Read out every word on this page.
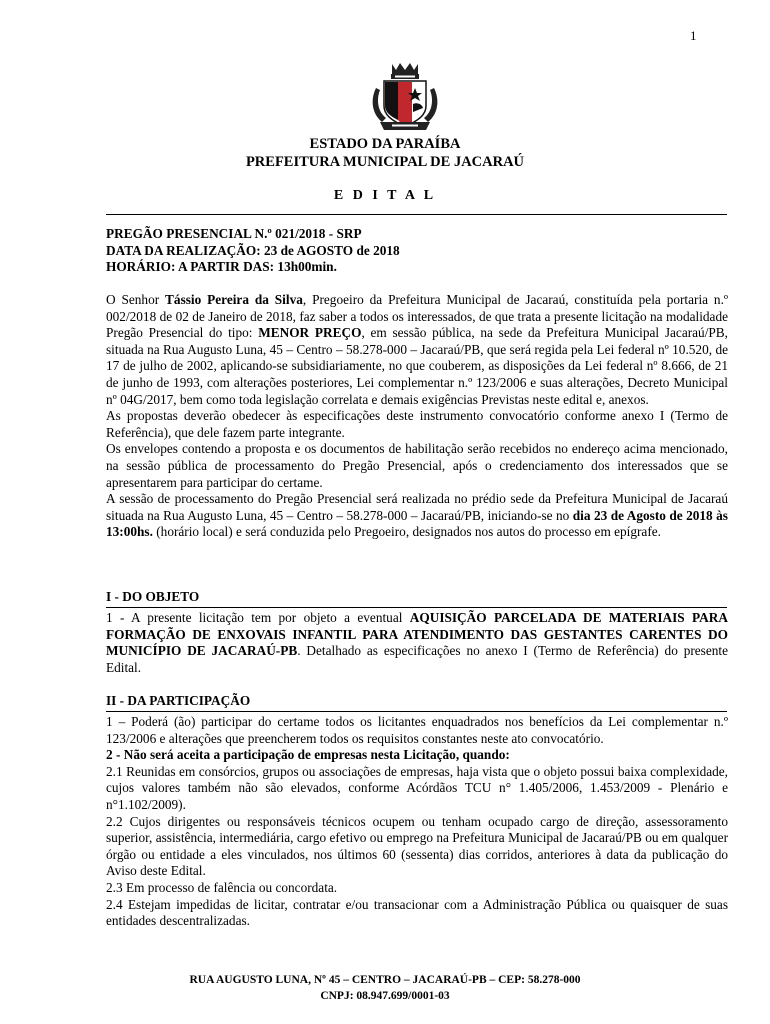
1
ESTADO DA PARAÍBA
PREFEITURA MUNICIPAL DE JACARAÚ
E D I T A L

PREGÃO PRESENCIAL N.º 021/2018 - SRP

DATA DA REALIZAÇÃO: 23 de AGOSTO de 2018

HORÁRIO: A PARTIR DAS: 13h00min.

O Senhor Tássio Pereira da Silva, Pregoeiro da Prefeitura Municipal de Jacaraú, constituída pela portaria n.º 002/2018 de 02 de Janeiro de 2018, faz saber a todos os interessados, de que trata a presente licitação na modalidade Pregão Presencial do tipo: MENOR PREÇO, em sessão pública, na sede da Prefeitura Municipal Jacaraú/PB, situada na Rua Augusto Luna, 45 – Centro – 58.278-000 – Jacaraú/PB, que será regida pela Lei federal nº 10.520, de 17 de julho de 2002, aplicando-se subsidiariamente, no que couberem, as disposições da Lei federal nº 8.666, de 21 de junho de 1993, com alterações posteriores, Lei complementar n.º 123/2006 e suas alterações, Decreto Municipal nº 04G/2017, bem como toda legislação correlata e demais exigências Previstas neste edital e, anexos.

As propostas deverão obedecer às especificações deste instrumento convocatório conforme anexo I (Termo de Referência), que dele fazem parte integrante.

Os envelopes contendo a proposta e os documentos de habilitação serão recebidos no endereço acima mencionado, na sessão pública de processamento do Pregão Presencial, após o credenciamento dos interessados que se apresentarem para participar do certame.

A sessão de processamento do Pregão Presencial será realizada no prédio sede da Prefeitura Municipal de Jacaraú situada na Rua Augusto Luna, 45 – Centro – 58.278-000 – Jacaraú/PB, iniciando-se no dia 23 de Agosto de 2018 às 13:00hs. (horário local) e será conduzida pelo Pregoeiro, designados nos autos do processo em epígrafe.

I - DO OBJETO

1 - A presente licitação tem por objeto a eventual AQUISIÇÃO PARCELADA DE MATERIAIS PARA FORMAÇÃO DE ENXOVAIS INFANTIL PARA ATENDIMENTO DAS GESTANTES CARENTES DO MUNICÍPIO DE JACARAÚ-PB. Detalhado as especificações no anexo I (Termo de Referência) do presente Edital.

II - DA PARTICIPAÇÃO

1 – Poderá (ão) participar do certame todos os licitantes enquadrados nos benefícios da Lei complementar n.º 123/2006 e alterações que preencherem todos os requisitos constantes neste ato convocatório.

2 - Não será aceita a participação de empresas nesta Licitação, quando:

2.1 Reunidas em consórcios, grupos ou associações de empresas, haja vista que o objeto possui baixa complexidade, cujos valores também não são elevados, conforme Acórdãos TCU n° 1.405/2006, 1.453/2009 - Plenário e n°1.102/2009).

2.2 Cujos dirigentes ou responsáveis técnicos ocupem ou tenham ocupado cargo de direção, assessoramento superior, assistência, intermediária, cargo efetivo ou emprego na Prefeitura Municipal de Jacaraú/PB ou em qualquer órgão ou entidade a eles vinculados, nos últimos 60 (sessenta) dias corridos, anteriores à data da publicação do Aviso deste Edital.

2.3 Em processo de falência ou concordata.

2.4 Estejam impedidas de licitar, contratar e/ou transacionar com a Administração Pública ou quaisquer de suas entidades descentralizadas.

RUA AUGUSTO LUNA, Nº 45 – CENTRO – JACARAÚ-PB – CEP: 58.278-000
CNPJ: 08.947.699/0001-03
